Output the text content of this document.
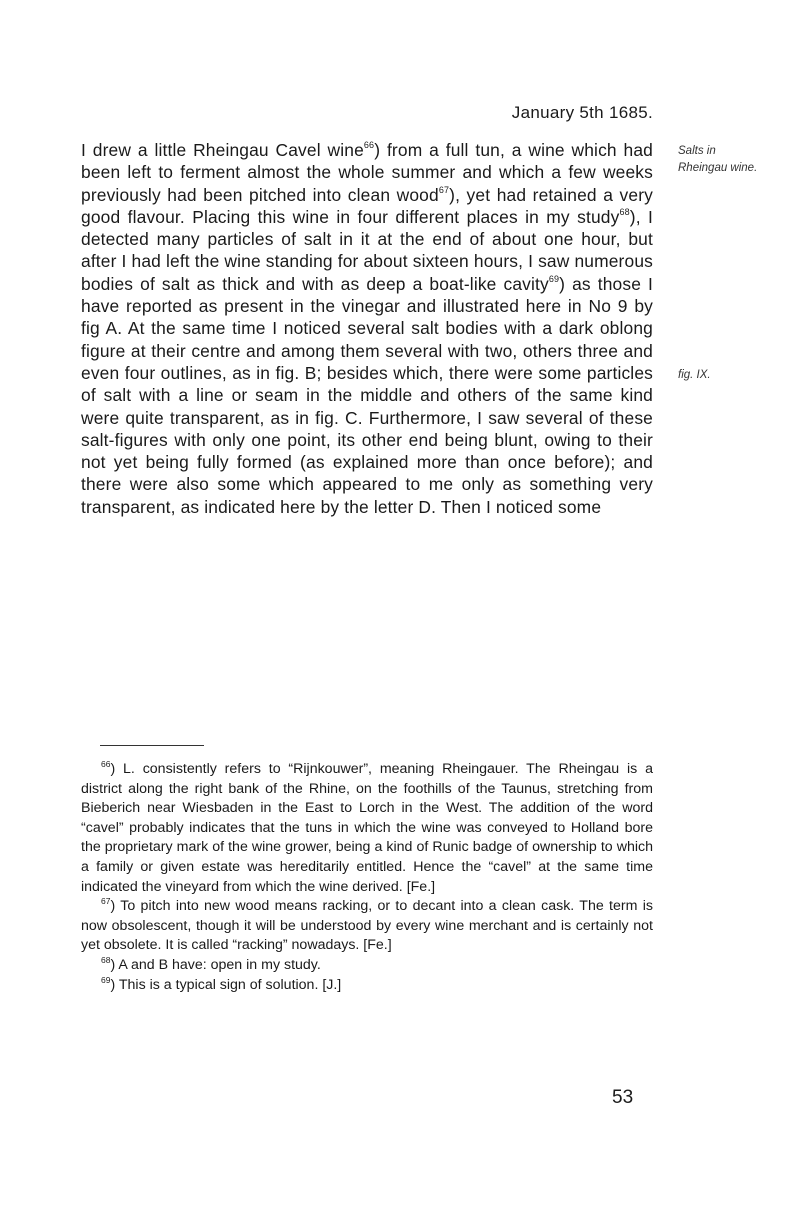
January 5th 1685.

I drew a little Rheingau Cavel wine$^{66}$) from a full tun, a wine which had been left to ferment almost the whole summer and which a few weeks previously had been pitched into clean wood$^{67}$), yet had retained a very good flavour. Placing this wine in four different places in my study$^{68}$), I detected many particles of salt in it at the end of about one hour, but after I had left the wine standing for about sixteen hours, I saw numerous bodies of salt as thick and with as deep a boat-like cavity$^{69}$) as those I have reported as present in the vinegar and illustrated here in No 9 by fig A. At the same time I noticed several salt bodies with a dark oblong figure at their centre and among them several with two, others three and even four outlines, as in fig. B; besides which, there were some particles of salt with a line or seam in the middle and others of the same kind were quite transparent, as in fig. C. Furthermore, I saw several of these salt-figures with only one point, its other end being blunt, owing to their not yet being fully formed (as explained more than once before); and there were also some which appeared to me only as something very transparent, as indicated here by the letter D. Then I noticed some

Salts in
Rheingau wine.
fig. IX.

$^{66}$) L. consistently refers to “Rijnkouwer”, meaning Rheingauer. The Rheingau is a district along the right bank of the Rhine, on the foothills of the Taunus, stretching from Bieberich near Wiesbaden in the East to Lorch in the West. The addition of the word “cavel” probably indicates that the tuns in which the wine was conveyed to Holland bore the proprietary mark of the wine grower, being a kind of Runic badge of ownership to which a family or given estate was hereditarily entitled. Hence the “cavel” at the same time indicated the vineyard from which the wine derived. [Fe.]

$^{67}$) To pitch into new wood means racking, or to decant into a clean cask. The term is now obsolescent, though it will be understood by every wine merchant and is certainly not yet obsolete. It is called “racking” nowadays. [Fe.]

$^{68}$) A and B have: open in my study.

$^{69}$) This is a typical sign of solution. [J.]

53
